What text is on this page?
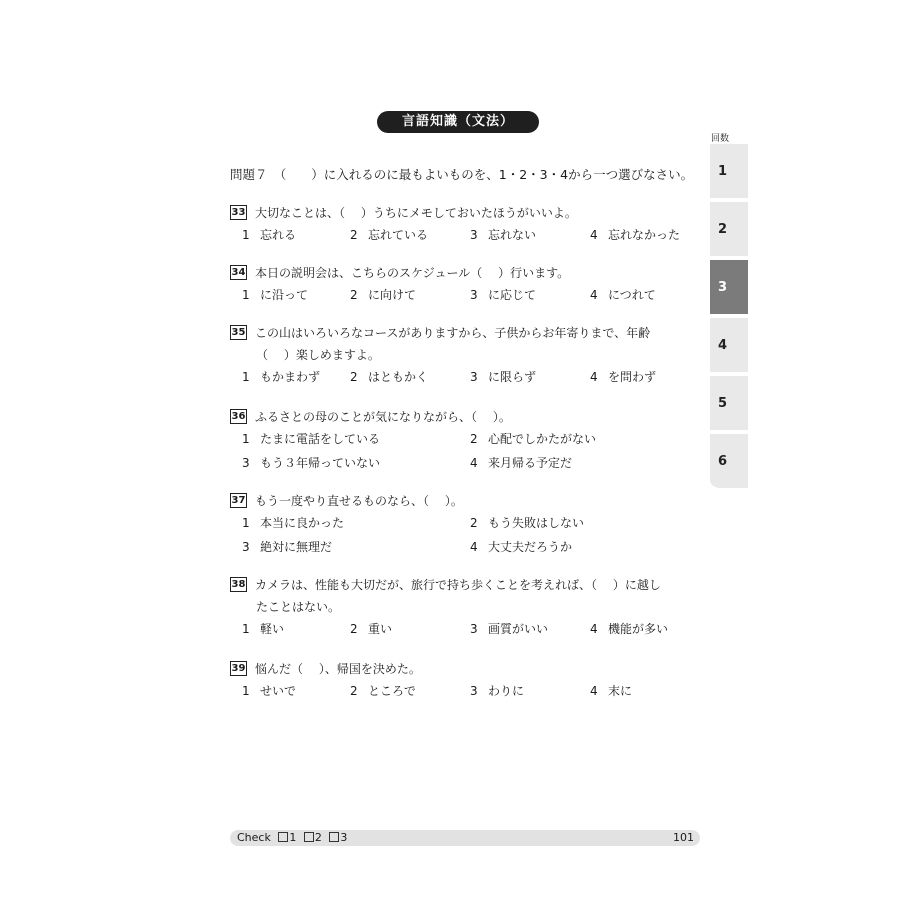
言語知識（文法）
問題７　（　　）に入れるのに最もよいものを、1・2・3・4から一つ選びなさい。
33 大切なことは、（　 ）うちにメモしておいたほうがいいよ。
1 忘れる	2 忘れている	3 忘れない	4 忘れなかった
34 本日の説明会は、こちらのスケジュール（　 ）行います。
1 に沿って	2 に向けて	3 に応じて	4 につれて
35 この山はいろいろなコースがありますから、子供からお年寄りまで、年齢
（　 ）楽しめますよ。
1 もかまわず 2 はともかく	3 に限らず	4 を問わず
36 ふるさとの母のことが気になりながら、（　 ）。
1 たまに電話をしている	2 心配でしかたがない
3 もう３年帰っていない	4 来月帰る予定だ
37 もう一度やり直せるものなら、（　 ）。
1 本当に良かった	2 もう失敗はしない
3 絶対に無理だ	4 大丈夫だろうか
38 カメラは、性能も大切だが、旅行で持ち歩くことを考えれば、（　 ）に越し
たことはない。
1 軽い	2 重い	3 画質がいい	4 機能が多い
39 悩んだ（　 ）、帰国を決めた。
1 せいで	2 ところで	3 わりに	4 末に
回数
1
2
3
4
5
6
Check 1 2 3	101
